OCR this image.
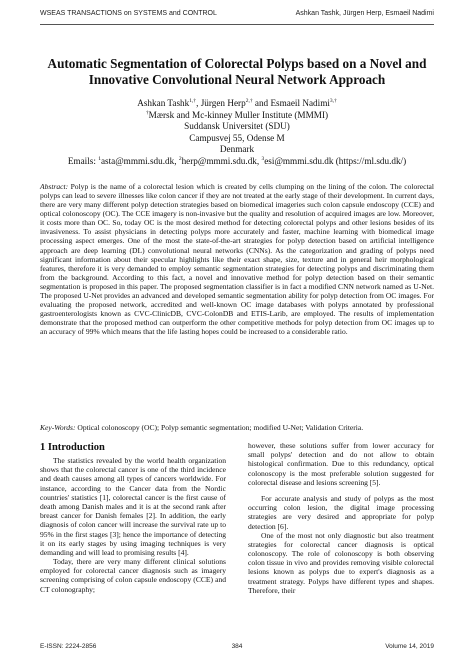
WSEAS TRANSACTIONS on SYSTEMS and CONTROL	Ashkan Tashk, Jürgen Herp, Esmaeil Nadimi
Automatic Segmentation of Colorectal Polyps based on a Novel and
Innovative Convolutional Neural Network Approach
Ashkan Tashk$^{1,\dagger}$, Jürgen Herp$^{2,\dagger}$ and Esmaeil Nadimi$^{3,\dagger}$
†Mærsk and Mc-kinney Muller Institute (MMMI)
Suddansk Universitet (SDU)
Campusvej 55, Odense M
Denmark
Emails: $^1$asta@mmmi.sdu.dk, $^2$herp@mmmi.sdu.dk, $^3$esi@mmmi.sdu.dk (https://ml.sdu.dk/)
Abstract: Polyp is the name of a colorectal lesion which is created by cells clumping on the lining of the colon. The colorectal polyps can lead to severe illnesses like colon cancer if they are not treated at the early stage of their development. In current days, there are very many different polyp detection strategies based on biomedical imageries such colon capsule endoscopy (CCE) and optical colonoscopy (OC). The CCE imagery is non-invasive but the quality and resolution of acquired images are low. Moreover, it costs more than OC. So, today OC is the most desired method for detecting colorectal polyps and other lesions besides of its invasiveness. To assist physicians in detecting polyps more accurately and faster, machine learning with biomedical image processing aspect emerges. One of the most the state-of-the-art strategies for polyp detection based on artificial intelligence approach are deep learning (DL) convolutional neural networks (CNNs). As the categorization and grading of polyps need significant information about their specular highlights like their exact shape, size, texture and in general heir morphological features, therefore it is very demanded to employ semantic segmentation strategies for detecting polyps and discriminating them from the background. According to this fact, a novel and innovative method for polyp detection based on their semantic segmentation is proposed in this paper. The proposed segmentation classifier is in fact a modified CNN network named as U-Net. The proposed U-Net provides an advanced and developed semantic segmentation ability for polyp detection from OC images. For evaluating the proposed network, accredited and well-known OC image databases with polyps annotated by professional gastroenterologists known as CVC-ClinicDB, CVC-ColonDB and ETIS-Larib, are employed. The results of implementation demonstrate that the proposed method can outperform the other competitive methods for polyp detection from OC images up to an accuracy of 99% which means that the life lasting hopes could be increased to a considerable ratio.
Key-Words: Optical colonoscopy (OC); Polyp semantic segmentation; modified U-Net; Validation Criteria.
1 Introduction

The statistics revealed by the world health organization shows that the colorectal cancer is one of the third incidence and death causes among all types of cancers worldwide. For instance, according to the Cancer data from the Nordic countries' statistics [1], colorectal cancer is the first cause of death among Danish males and it is at the second rank after breast cancer for Danish females [2]. In addition, the early diagnosis of colon cancer will increase the survival rate up to 95% in the first stages [3]; hence the importance of detecting it on its early stages by using imaging techniques is very demanding and will lead to promising results [4].

Today, there are very many different clinical solutions employed for colorectal cancer diagnosis such as imagery screening comprising of colon capsule endoscopy (CCE) and CT colonography;

however, these solutions suffer from lower accuracy for small polyps' detection and do not allow to obtain histological confirmation. Due to this redundancy, optical colonoscopy is the most preferable solution suggested for colorectal disease and lesions screening [5].

For accurate analysis and study of polyps as the most occurring colon lesion, the digital image processing strategies are very desired and appropriate for polyp detection [6].

One of the most not only diagnostic but also treatment strategies for colorectal cancer diagnosis is optical colonoscopy. The role of colonoscopy is both observing colon tissue in vivo and provides removing visible colorectal lesions known as polyps due to expert's diagnosis as a treatment strategy. Polyps have different types and shapes. Therefore, their

E-ISSN: 2224-2856	384	Volume 14, 2019
